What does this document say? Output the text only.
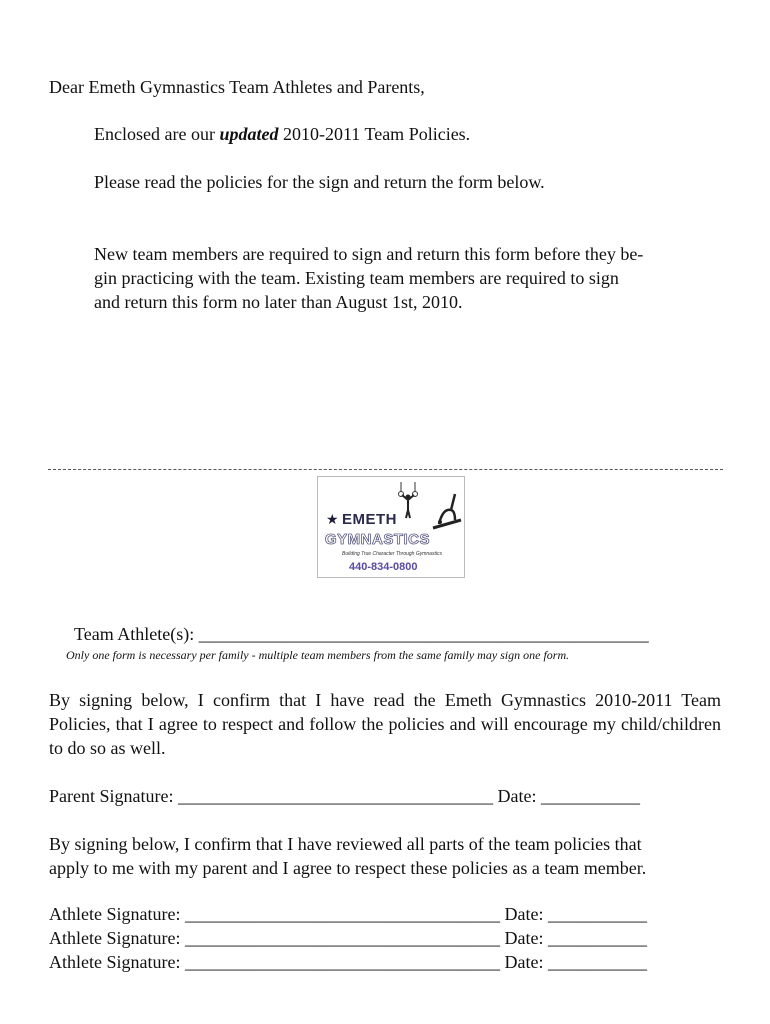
Dear Emeth Gymnastics Team Athletes and Parents,
Enclosed are our updated 2010-2011 Team Policies.
Please read the policies for the sign and return the form below.
New team members are required to sign and return this form before they be-
gin practicing with the team. Existing team members are required to sign
and return this form no later than August 1st, 2010.
★ EMETH
GYMNASTICS
Building True Character Through Gymnastics
440-834-0800
Team Athlete(s): __________________________________________________
Only one form is necessary per family - multiple team members from the same family may sign one form.
By signing below, I confirm that I have read the Emeth Gymnastics 2010-2011 Team Policies, that I agree to respect and follow the policies and will encourage my child/children to do so as well.
Parent Signature: ___________________________________ Date: ___________
By signing below, I confirm that I have reviewed all parts of the team policies that
apply to me with my parent and I agree to respect these policies as a team member.
Athlete Signature: ___________________________________ Date: ___________
Athlete Signature: ___________________________________ Date: ___________
Athlete Signature: ___________________________________ Date: ___________
